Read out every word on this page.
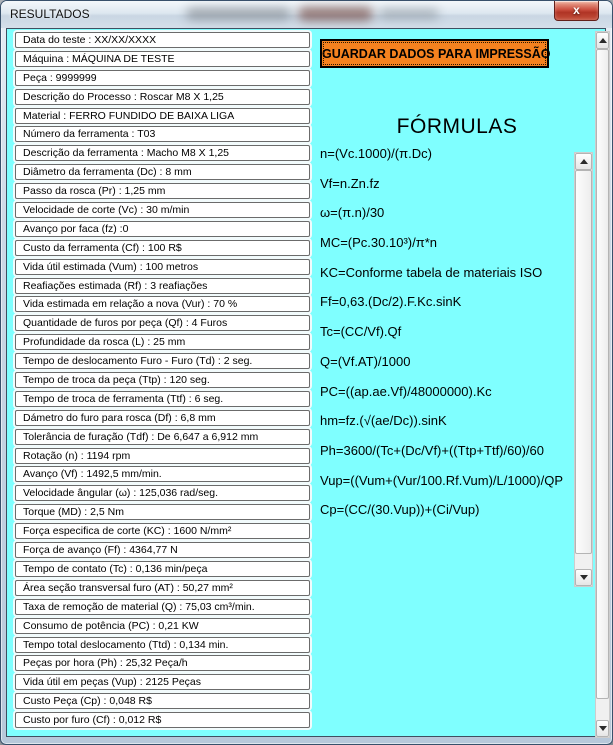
RESULTADOS	x
Data do teste : XX/XX/XXXX
Máquina : MÁQUINA DE TESTE
Peça : 9999999
Descrição do Processo : Roscar M8 X 1,25
Material : FERRO FUNDIDO DE BAIXA LIGA
Número da ferramenta : T03
Descrição da ferramenta : Macho M8 X 1,25
Diâmetro da ferramenta (Dc) : 8 mm
Passo da rosca (Pr) : 1,25 mm
Velocidade de corte (Vc) : 30 m/min
Avanço por faca (fz) :0
Custo da ferramenta (Cf) : 100 R$
Vida útil estimada (Vum) : 100 metros
Reafiações estimada (Rf) : 3 reafiações
Vida estimada em relação a nova (Vur) : 70 %
Quantidade de furos por peça (Qf) : 4 Furos
Profundidade da rosca (L) : 25 mm
Tempo de deslocamento Furo - Furo (Td) : 2 seg.
Tempo de troca da peça (Ttp) : 120 seg.
Tempo de troca de ferramenta (Ttf) : 6 seg.
Dámetro do furo para rosca (Df) : 6,8 mm
Tolerância de furação (Tdf) : De 6,647 a 6,912 mm
Rotação (n) : 1194 rpm
Avanço (Vf) : 1492,5 mm/min.
Velocidade ângular (ω) : 125,036 rad/seg.
Torque (MD) : 2,5 Nm
Força especifica de corte (KC) : 1600 N/mm²
Força de avanço (Ff) : 4364,77 N
Tempo de contato (Tc) : 0,136 min/peça
Área seção transversal furo (AT) : 50,27 mm²
Taxa de remoção de material (Q) : 75,03 cm³/min.
Consumo de potência (PC) : 0,21 KW
Tempo total deslocamento (Ttd) : 0,134 min.
Peças por hora (Ph) : 25,32 Peça/h
Vida útil em peças (Vup) : 2125 Peças
Custo Peça (Cp) : 0,048 R$
Custo por furo (Cf) : 0,012 R$
GUARDAR DADOS PARA IMPRESSÃO
FÓRMULAS
n=(Vc.1000)/(π.Dc)
Vf=n.Zn.fz
ω=(π.n)/30
MC=(Pc.30.10³)/π*n
KC=Conforme tabela de materiais ISO
Ff=0,63.(Dc/2).F.Kc.sinK
Tc=(CC/Vf).Qf
Q=(Vf.AT)/1000
PC=((ap.ae.Vf)/48000000).Kc
hm=fz.(√(ae/Dc)).sinK
Ph=3600/(Tc+(Dc/Vf)+((Ttp+Ttf)/60)/60
Vup=((Vum+(Vur/100.Rf.Vum)/L/1000)/QP
Cp=(CC/(30.Vup))+(Ci/Vup)
